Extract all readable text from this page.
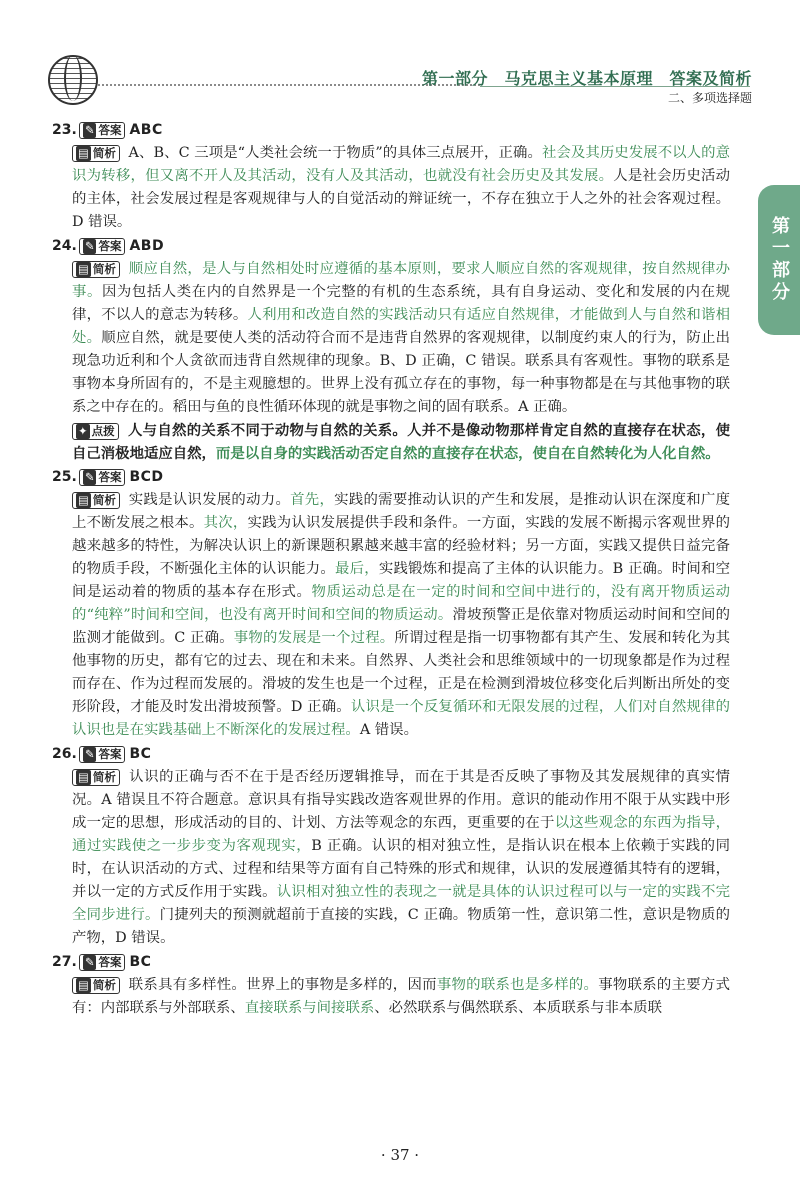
第一部分　马克思主义基本原理　答案及简析
二、多项选择题
第一部分
23. ✎ 答案 ABC
▤ 简析 A、B、C 三项是“人类社会统一于物质”的具体三点展开，正确。社会及其历史发展不以人的意识为转移，但又离不开人及其活动，没有人及其活动，也就没有社会历史及其发展。人是社会历史活动的主体，社会发展过程是客观规律与人的自觉活动的辩证统一，不存在独立于人之外的社会客观过程。D 错误。
24. ✎ 答案 ABD
▤ 简析 顺应自然，是人与自然相处时应遵循的基本原则，要求人顺应自然的客观规律，按自然规律办事。因为包括人类在内的自然界是一个完整的有机的生态系统，具有自身运动、变化和发展的内在规律，不以人的意志为转移。人利用和改造自然的实践活动只有适应自然规律，才能做到人与自然和谐相处。顺应自然，就是要使人类的活动符合而不是违背自然界的客观规律，以制度约束人的行为，防止出现急功近利和个人贪欲而违背自然规律的现象。B、D 正确，C 错误。联系具有客观性。事物的联系是事物本身所固有的，不是主观臆想的。世界上没有孤立存在的事物，每一种事物都是在与其他事物的联系之中存在的。稻田与鱼的良性循环体现的就是事物之间的固有联系。A 正确。
✦ 点拨 人与自然的关系不同于动物与自然的关系。人并不是像动物那样肯定自然的直接存在状态，使自己消极地适应自然，而是以自身的实践活动否定自然的直接存在状态，使自在自然转化为人化自然。
25. ✎ 答案 BCD
▤ 简析 实践是认识发展的动力。首先，实践的需要推动认识的产生和发展，是推动认识在深度和广度上不断发展之根本。其次，实践为认识发展提供手段和条件。一方面，实践的发展不断揭示客观世界的越来越多的特性，为解决认识上的新课题积累越来越丰富的经验材料；另一方面，实践又提供日益完备的物质手段，不断强化主体的认识能力。最后，实践锻炼和提高了主体的认识能力。B 正确。时间和空间是运动着的物质的基本存在形式。物质运动总是在一定的时间和空间中进行的，没有离开物质运动的“纯粹”时间和空间，也没有离开时间和空间的物质运动。滑坡预警正是依靠对物质运动时间和空间的监测才能做到。C 正确。事物的发展是一个过程。所谓过程是指一切事物都有其产生、发展和转化为其他事物的历史，都有它的过去、现在和未来。自然界、人类社会和思维领域中的一切现象都是作为过程而存在、作为过程而发展的。滑坡的发生也是一个过程，正是在检测到滑坡位移变化后判断出所处的变形阶段，才能及时发出滑坡预警。D 正确。认识是一个反复循环和无限发展的过程，人们对自然规律的认识也是在实践基础上不断深化的发展过程。A 错误。
26. ✎ 答案 BC
▤ 简析 认识的正确与否不在于是否经历逻辑推导，而在于其是否反映了事物及其发展规律的真实情况。A 错误且不符合题意。意识具有指导实践改造客观世界的作用。意识的能动作用不限于从实践中形成一定的思想，形成活动的目的、计划、方法等观念的东西，更重要的在于以这些观念的东西为指导，通过实践使之一步步变为客观现实，B 正确。认识的相对独立性，是指认识在根本上依赖于实践的同时，在认识活动的方式、过程和结果等方面有自己特殊的形式和规律，认识的发展遵循其特有的逻辑，并以一定的方式反作用于实践。认识相对独立性的表现之一就是具体的认识过程可以与一定的实践不完全同步进行。门捷列夫的预测就超前于直接的实践，C 正确。物质第一性，意识第二性，意识是物质的产物，D 错误。
27. ✎ 答案 BC
▤ 简析 联系具有多样性。世界上的事物是多样的，因而事物的联系也是多样的。事物联系的主要方式有：内部联系与外部联系、直接联系与间接联系、必然联系与偶然联系、本质联系与非本质联
· 37 ·
